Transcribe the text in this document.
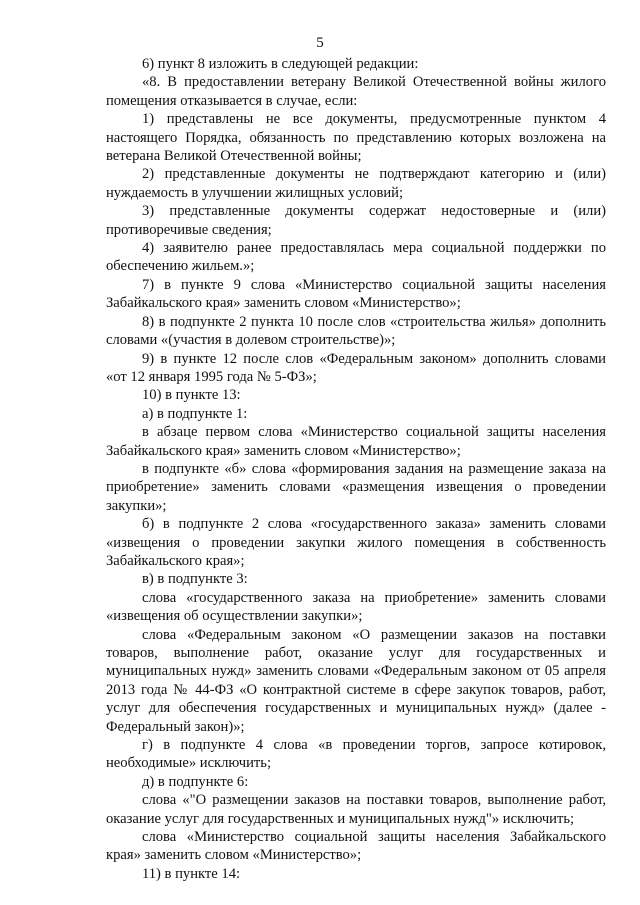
5

6) пункт 8 изложить в следующей редакции:

«8. В предоставлении ветерану Великой Отечественной войны жилого помещения отказывается в случае, если:

1) представлены не все документы, предусмотренные пунктом 4 настоящего Порядка, обязанность по представлению которых возложена на ветерана Великой Отечественной войны;

2) представленные документы не подтверждают категорию и (или) нуждаемость в улучшении жилищных условий;

3) представленные документы содержат недостоверные и (или) противоречивые сведения;

4) заявителю ранее предоставлялась мера социальной поддержки по обеспечению жильем.»;

7) в пункте 9 слова «Министерство социальной защиты населения Забайкальского края» заменить словом «Министерство»;

8) в подпункте 2 пункта 10 после слов «строительства жилья» дополнить словами «(участия в долевом строительстве)»;

9) в пункте 12 после слов «Федеральным законом» дополнить словами «от 12 января 1995 года № 5-ФЗ»;

10) в пункте 13:

а) в подпункте 1:

в абзаце первом слова «Министерство социальной защиты населения Забайкальского края» заменить словом «Министерство»;

в подпункте «б» слова «формирования задания на размещение заказа на приобретение» заменить словами «размещения извещения о проведении закупки»;

б) в подпункте 2 слова «государственного заказа» заменить словами «извещения о проведении закупки жилого помещения в собственность Забайкальского края»;

в) в подпункте 3:

слова «государственного заказа на приобретение» заменить словами «извещения об осуществлении закупки»;

слова «Федеральным законом «О размещении заказов на поставки товаров, выполнение работ, оказание услуг для государственных и муниципальных нужд» заменить словами «Федеральным законом от 05 апреля 2013 года № 44-ФЗ «О контрактной системе в сфере закупок товаров, работ, услуг для обеспечения государственных и муниципальных нужд» (далее - Федеральный закон)»;

г) в подпункте 4 слова «в проведении торгов, запросе котировок, необходимые» исключить;

д) в подпункте 6:

слова «"О размещении заказов на поставки товаров, выполнение работ, оказание услуг для государственных и муниципальных нужд"» исключить;

слова «Министерство социальной защиты населения Забайкальского края» заменить словом «Министерство»;

11) в пункте 14:
